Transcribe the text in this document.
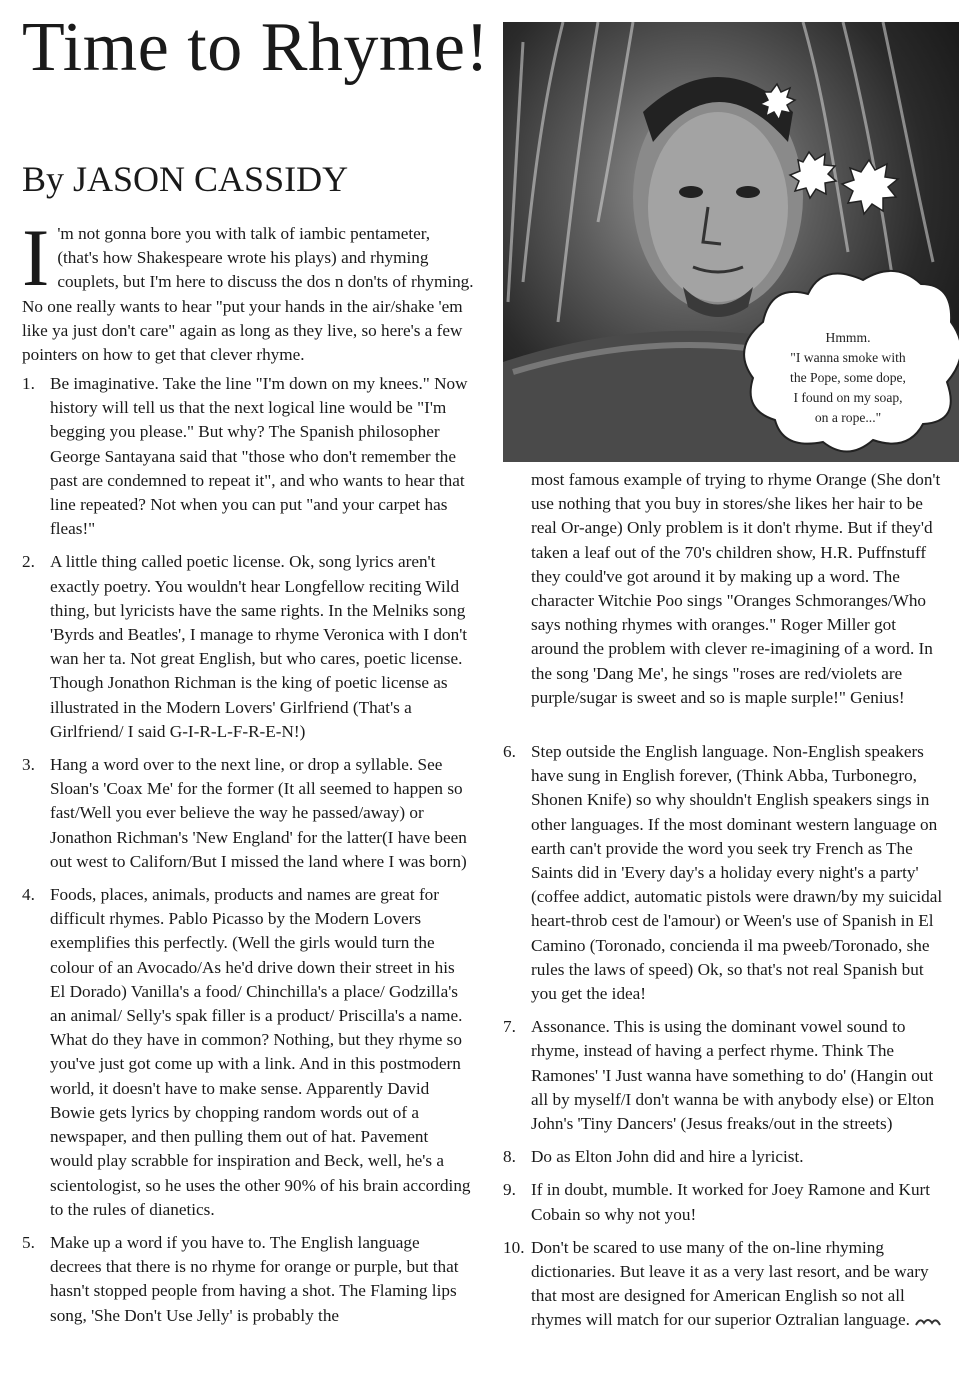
Time to Rhyme!
By JASON CASSIDY

I 'm not gonna bore you with talk of iambic pentameter, (that's how Shakespeare wrote his plays) and rhyming couplets, but I'm here to discuss the dos n don'ts of rhyming. No one really wants to hear "put your hands in the air/shake 'em like ya just don't care" again as long as they live, so here's a few pointers on how to get that clever rhyme.

1. Be imaginative. Take the line "I'm down on my knees." Now history will tell us that the next logical line would be "I'm begging you please." But why? The Spanish philosopher George Santayana said that "those who don't remember the past are condemned to repeat it", and who wants to hear that line repeated? Not when you can put "and your carpet has fleas!"
2. A little thing called poetic license. Ok, song lyrics aren't exactly poetry. You wouldn't hear Longfellow reciting Wild thing, but lyricists have the same rights. In the Melniks song 'Byrds and Beatles', I manage to rhyme Veronica with I don't wan her ta. Not great English, but who cares, poetic license. Though Jonathon Richman is the king of poetic license as illustrated in the Modern Lovers' Girlfriend (That's a Girlfriend/ I said G-I-R-L-F-R-E-N!)
3. Hang a word over to the next line, or drop a syllable. See Sloan's 'Coax Me' for the former (It all seemed to happen so fast/Well you ever believe the way he passed/away) or Jonathon Richman's 'New England' for the latter(I have been out west to Californ/But I missed the land where I was born)
4. Foods, places, animals, products and names are great for difficult rhymes. Pablo Picasso by the Modern Lovers exemplifies this perfectly. (Well the girls would turn the colour of an Avocado/As he'd drive down their street in his El Dorado) Vanilla's a food/ Chinchilla's a place/ Godzilla's an animal/ Selly's spak filler is a product/ Priscilla's a name. What do they have in common? Nothing, but they rhyme so you've just got come up with a link. And in this postmodern world, it doesn't have to make sense. Apparently David Bowie gets lyrics by chopping random words out of a newspaper, and then pulling them out of hat. Pavement would play scrabble for inspiration and Beck, well, he's a scientologist, so he uses the other 90% of his brain according to the rules of dianetics.
5. Make up a word if you have to. The English language decrees that there is no rhyme for orange or purple, but that hasn't stopped people from having a shot. The Flaming lips song, 'She Don't Use Jelly' is probably the
Hmmm.
"I wanna smoke with
the Pope, some dope,
I found on my soap,
on a rope..."

most famous example of trying to rhyme Orange (She don't use nothing that you buy in stores/she likes her hair to be real Or-ange) Only problem is it don't rhyme. But if they'd taken a leaf out of the 70's children show, H.R. Puffnstuff they could've got around it by making up a word. The character Witchie Poo sings "Oranges Schmoranges/Who says nothing rhymes with oranges." Roger Miller got around the problem with clever re-imagining of a word. In the song 'Dang Me', he sings "roses are red/violets are purple/sugar is sweet and so is maple surple!" Genius!

6. Step outside the English language. Non-English speakers have sung in English forever, (Think Abba, Turbonegro, Shonen Knife) so why shouldn't English speakers sings in other languages. If the most dominant western language on earth can't provide the word you seek try French as The Saints did in 'Every day's a holiday every night's a party' (coffee addict, automatic pistols were drawn/by my suicidal heart-throb cest de l'amour) or Ween's use of Spanish in El Camino (Toronado, concienda il ma pweeb/Toronado, she rules the laws of speed) Ok, so that's not real Spanish but you get the idea!
7. Assonance. This is using the dominant vowel sound to rhyme, instead of having a perfect rhyme. Think The Ramones' 'I Just wanna have something to do' (Hangin out all by myself/I don't wanna be with anybody else) or Elton John's 'Tiny Dancers' (Jesus freaks/out in the streets)
8. Do as Elton John did and hire a lyricist.
9. If in doubt, mumble. It worked for Joey Ramone and Kurt Cobain so why not you!
10. Don't be scared to use many of the on-line rhyming dictionaries. But leave it as a very last resort, and be wary that most are designed for American English so not all rhymes will match for our superior Oztralian language.
